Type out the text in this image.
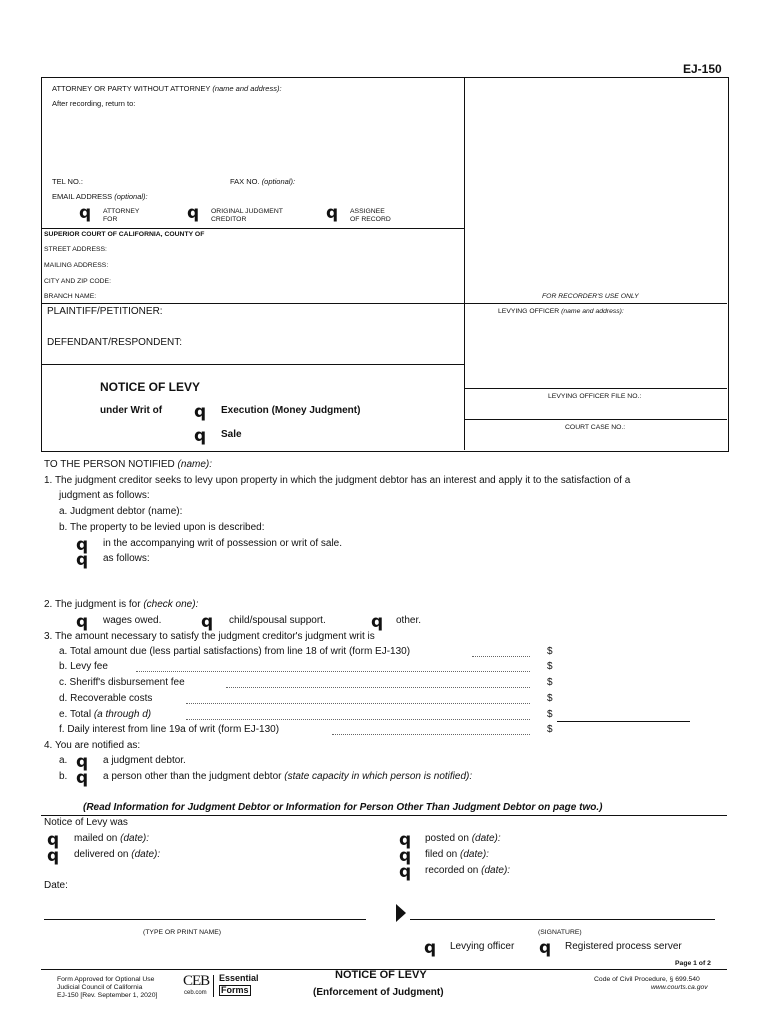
EJ-150
ATTORNEY OR PARTY WITHOUT ATTORNEY (name and address):
After recording, return to:
TEL NO.:	FAX NO. (optional):
EMAIL ADDRESS (optional):
q ATTORNEY
FOR	q ORIGINAL JUDGMENT
CREDITOR	q ASSIGNEE
OF RECORD
SUPERIOR COURT OF CALIFORNIA, COUNTY OF
STREET ADDRESS:
MAILING ADDRESS:
CITY AND ZIP CODE:
BRANCH NAME:	FOR RECORDER'S USE ONLY
PLAINTIFF/PETITIONER:	LEVYING OFFICER (name and address):
DEFENDANT/RESPONDENT:
NOTICE OF LEVY
under Writ of q Execution (Money Judgment)
q Sale
LEVYING OFFICER FILE NO.:
COURT CASE NO.:
TO THE PERSON NOTIFIED (name):
1. The judgment creditor seeks to levy upon property in which the judgment debtor has an interest and apply it to the satisfaction of a
judgment as follows:
a. Judgment debtor (name):
b. The property to be levied upon is described:
q in the accompanying writ of possession or writ of sale.
q as follows:
2. The judgment is for (check one):
q wages owed. q child/spousal support.	q other.
3. The amount necessary to satisfy the judgment creditor's judgment writ is
a. Total amount due (less partial satisfactions) from line 18 of writ (form EJ-130)	$
b. Levy fee	$
c. Sheriff's disbursement fee	$
d. Recoverable costs	$
e. Total (a through d)	$
f. Daily interest from line 19a of writ (form EJ-130)	$
4. You are notified as:
a. q a judgment debtor.
b. q a person other than the judgment debtor (state capacity in which person is notified):
(Read Information for Judgment Debtor or Information for Person Other Than Judgment Debtor on page two.)
Notice of Levy was
q mailed on (date):
q delivered on (date):
q posted on (date):
q filed on (date):
q recorded on (date):
Date:
(TYPE OR PRINT NAME)	(SIGNATURE)
q Levying officer q Registered process server
Page 1 of 2
Form Approved for Optional Use
Judicial Council of California
EJ-150 [Rev. September 1, 2020]
CEB
ceb.com
Essential
Forms
NOTICE OF LEVY
(Enforcement of Judgment)
Code of Civil Procedure, § 699.540
www.courts.ca.gov
